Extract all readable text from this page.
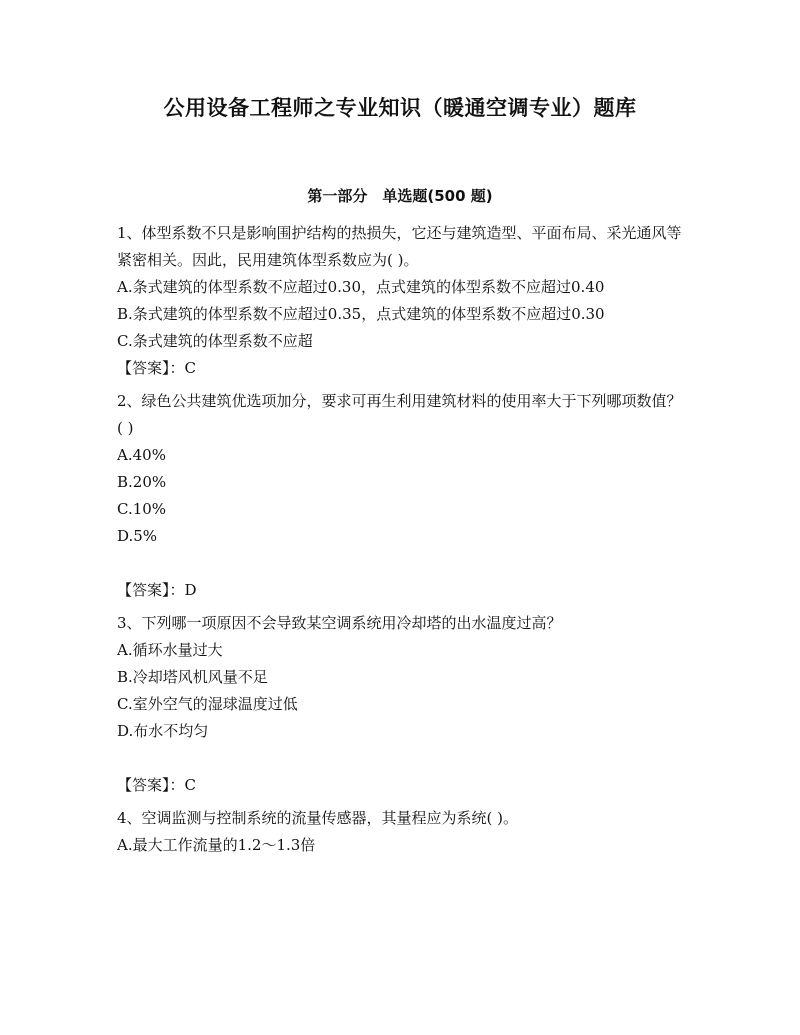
公用设备工程师之专业知识（暖通空调专业）题库
第一部分　单选题(500 题)
1、体型系数不只是影响围护结构的热损失，它还与建筑造型、平面布局、采光通风等紧密相关。因此，民用建筑体型系数应为( )。
A.条式建筑的体型系数不应超过0.30，点式建筑的体型系数不应超过0.40
B.条式建筑的体型系数不应超过0.35，点式建筑的体型系数不应超过0.30
C.条式建筑的体型系数不应超
【答案】：C
2、绿色公共建筑优选项加分，要求可再生利用建筑材料的使用率大于下列哪项数值？( )
A.40%
B.20%
C.10%
D.5%
【答案】：D
3、下列哪一项原因不会导致某空调系统用冷却塔的出水温度过高？
A.循环水量过大
B.冷却塔风机风量不足
C.室外空气的湿球温度过低
D.布水不均匀
【答案】：C
4、空调监测与控制系统的流量传感器，其量程应为系统( )。
A.最大工作流量的1.2～1.3倍
